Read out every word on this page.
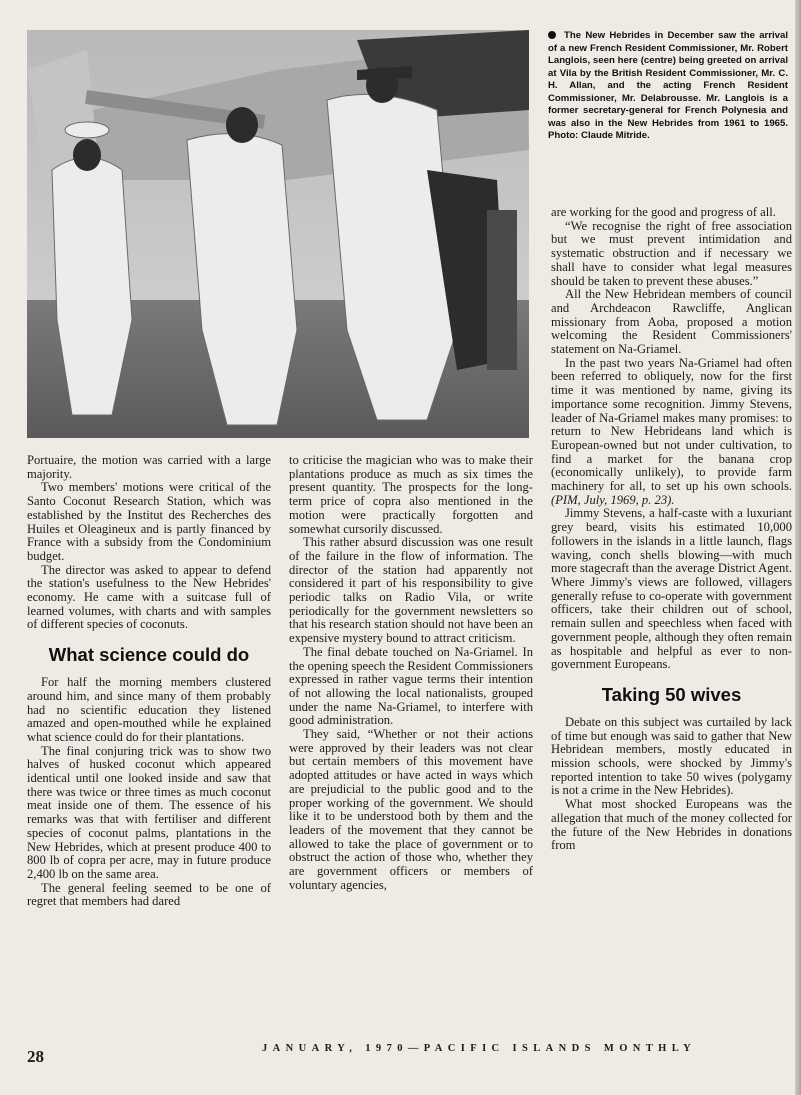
The New Hebrides in December saw the arrival of a new French Resident Commissioner, Mr. Robert Langlois, seen here (centre) being greeted on arrival at Vila by the British Resident Commissioner, Mr. C. H. Allan, and the acting French Resident Commissioner, Mr. Delabrousse. Mr. Langlois is a former secretary-general for French Polynesia and was also in the New Hebrides from 1961 to 1965. Photo: Claude Mitride.

Portuaire, the motion was carried with a large majority.

Two members' motions were critical of the Santo Coconut Research Station, which was established by the Institut des Recherches des Huiles et Oleagineux and is partly financed by France with a subsidy from the Condominium budget.

The director was asked to appear to defend the station's usefulness to the New Hebrides' economy. He came with a suitcase full of learned volumes, with charts and with samples of different species of coconuts.

What science could do

For half the morning members clustered around him, and since many of them probably had no scientific education they listened amazed and open-mouthed while he explained what science could do for their plantations.

The final conjuring trick was to show two halves of husked coconut which appeared identical until one looked inside and saw that there was twice or three times as much coconut meat inside one of them. The essence of his remarks was that with fertiliser and different species of coconut palms, plantations in the New Hebrides, which at present produce 400 to 800 lb of copra per acre, may in future produce 2,400 lb on the same area.

The general feeling seemed to be one of regret that members had dared

to criticise the magician who was to make their plantations produce as much as six times the present quantity. The prospects for the long-term price of copra also mentioned in the motion were practically forgotten and somewhat cursorily discussed.

This rather absurd discussion was one result of the failure in the flow of information. The director of the station had apparently not considered it part of his responsibility to give periodic talks on Radio Vila, or write periodically for the government newsletters so that his research station should not have been an expensive mystery bound to attract criticism.

The final debate touched on Na-Griamel. In the opening speech the Resident Commissioners expressed in rather vague terms their intention of not allowing the local nationalists, grouped under the name Na-Griamel, to interfere with good administration.

They said, “Whether or not their actions were approved by their leaders was not clear but certain members of this movement have adopted attitudes or have acted in ways which are prejudicial to the public good and to the proper working of the government. We should like it to be understood both by them and the leaders of the movement that they cannot be allowed to take the place of government or to obstruct the action of those who, whether they are government officers or members of voluntary agencies,

are working for the good and progress of all.

“We recognise the right of free association but we must prevent intimidation and systematic obstruction and if necessary we shall have to consider what legal measures should be taken to prevent these abuses.”

All the New Hebridean members of council and Archdeacon Rawcliffe, Anglican missionary from Aoba, proposed a motion welcoming the Resident Commissioners' statement on Na-Griamel.

In the past two years Na-Griamel had often been referred to obliquely, now for the first time it was mentioned by name, giving its importance some recognition. Jimmy Stevens, leader of Na-Griamel makes many promises: to return to New Hebrideans land which is European-owned but not under cultivation, to find a market for the banana crop (economically unlikely), to provide farm machinery for all, to set up his own schools. (PIM, July, 1969, p. 23).

Jimmy Stevens, a half-caste with a luxuriant grey beard, visits his estimated 10,000 followers in the islands in a little launch, flags waving, conch shells blowing—with much more stagecraft than the average District Agent. Where Jimmy's views are followed, villagers generally refuse to co-operate with government officers, take their children out of school, remain sullen and speechless when faced with government people, although they often remain as hospitable and helpful as ever to non-government Europeans.

Taking 50 wives

Debate on this subject was curtailed by lack of time but enough was said to gather that New Hebridean members, mostly educated in mission schools, were shocked by Jimmy's reported intention to take 50 wives (polygamy is not a crime in the New Hebrides).

What most shocked Europeans was the allegation that much of the money collected for the future of the New Hebrides in donations from

28	JANUARY, 1970—PACIFIC ISLANDS MONTHLY
